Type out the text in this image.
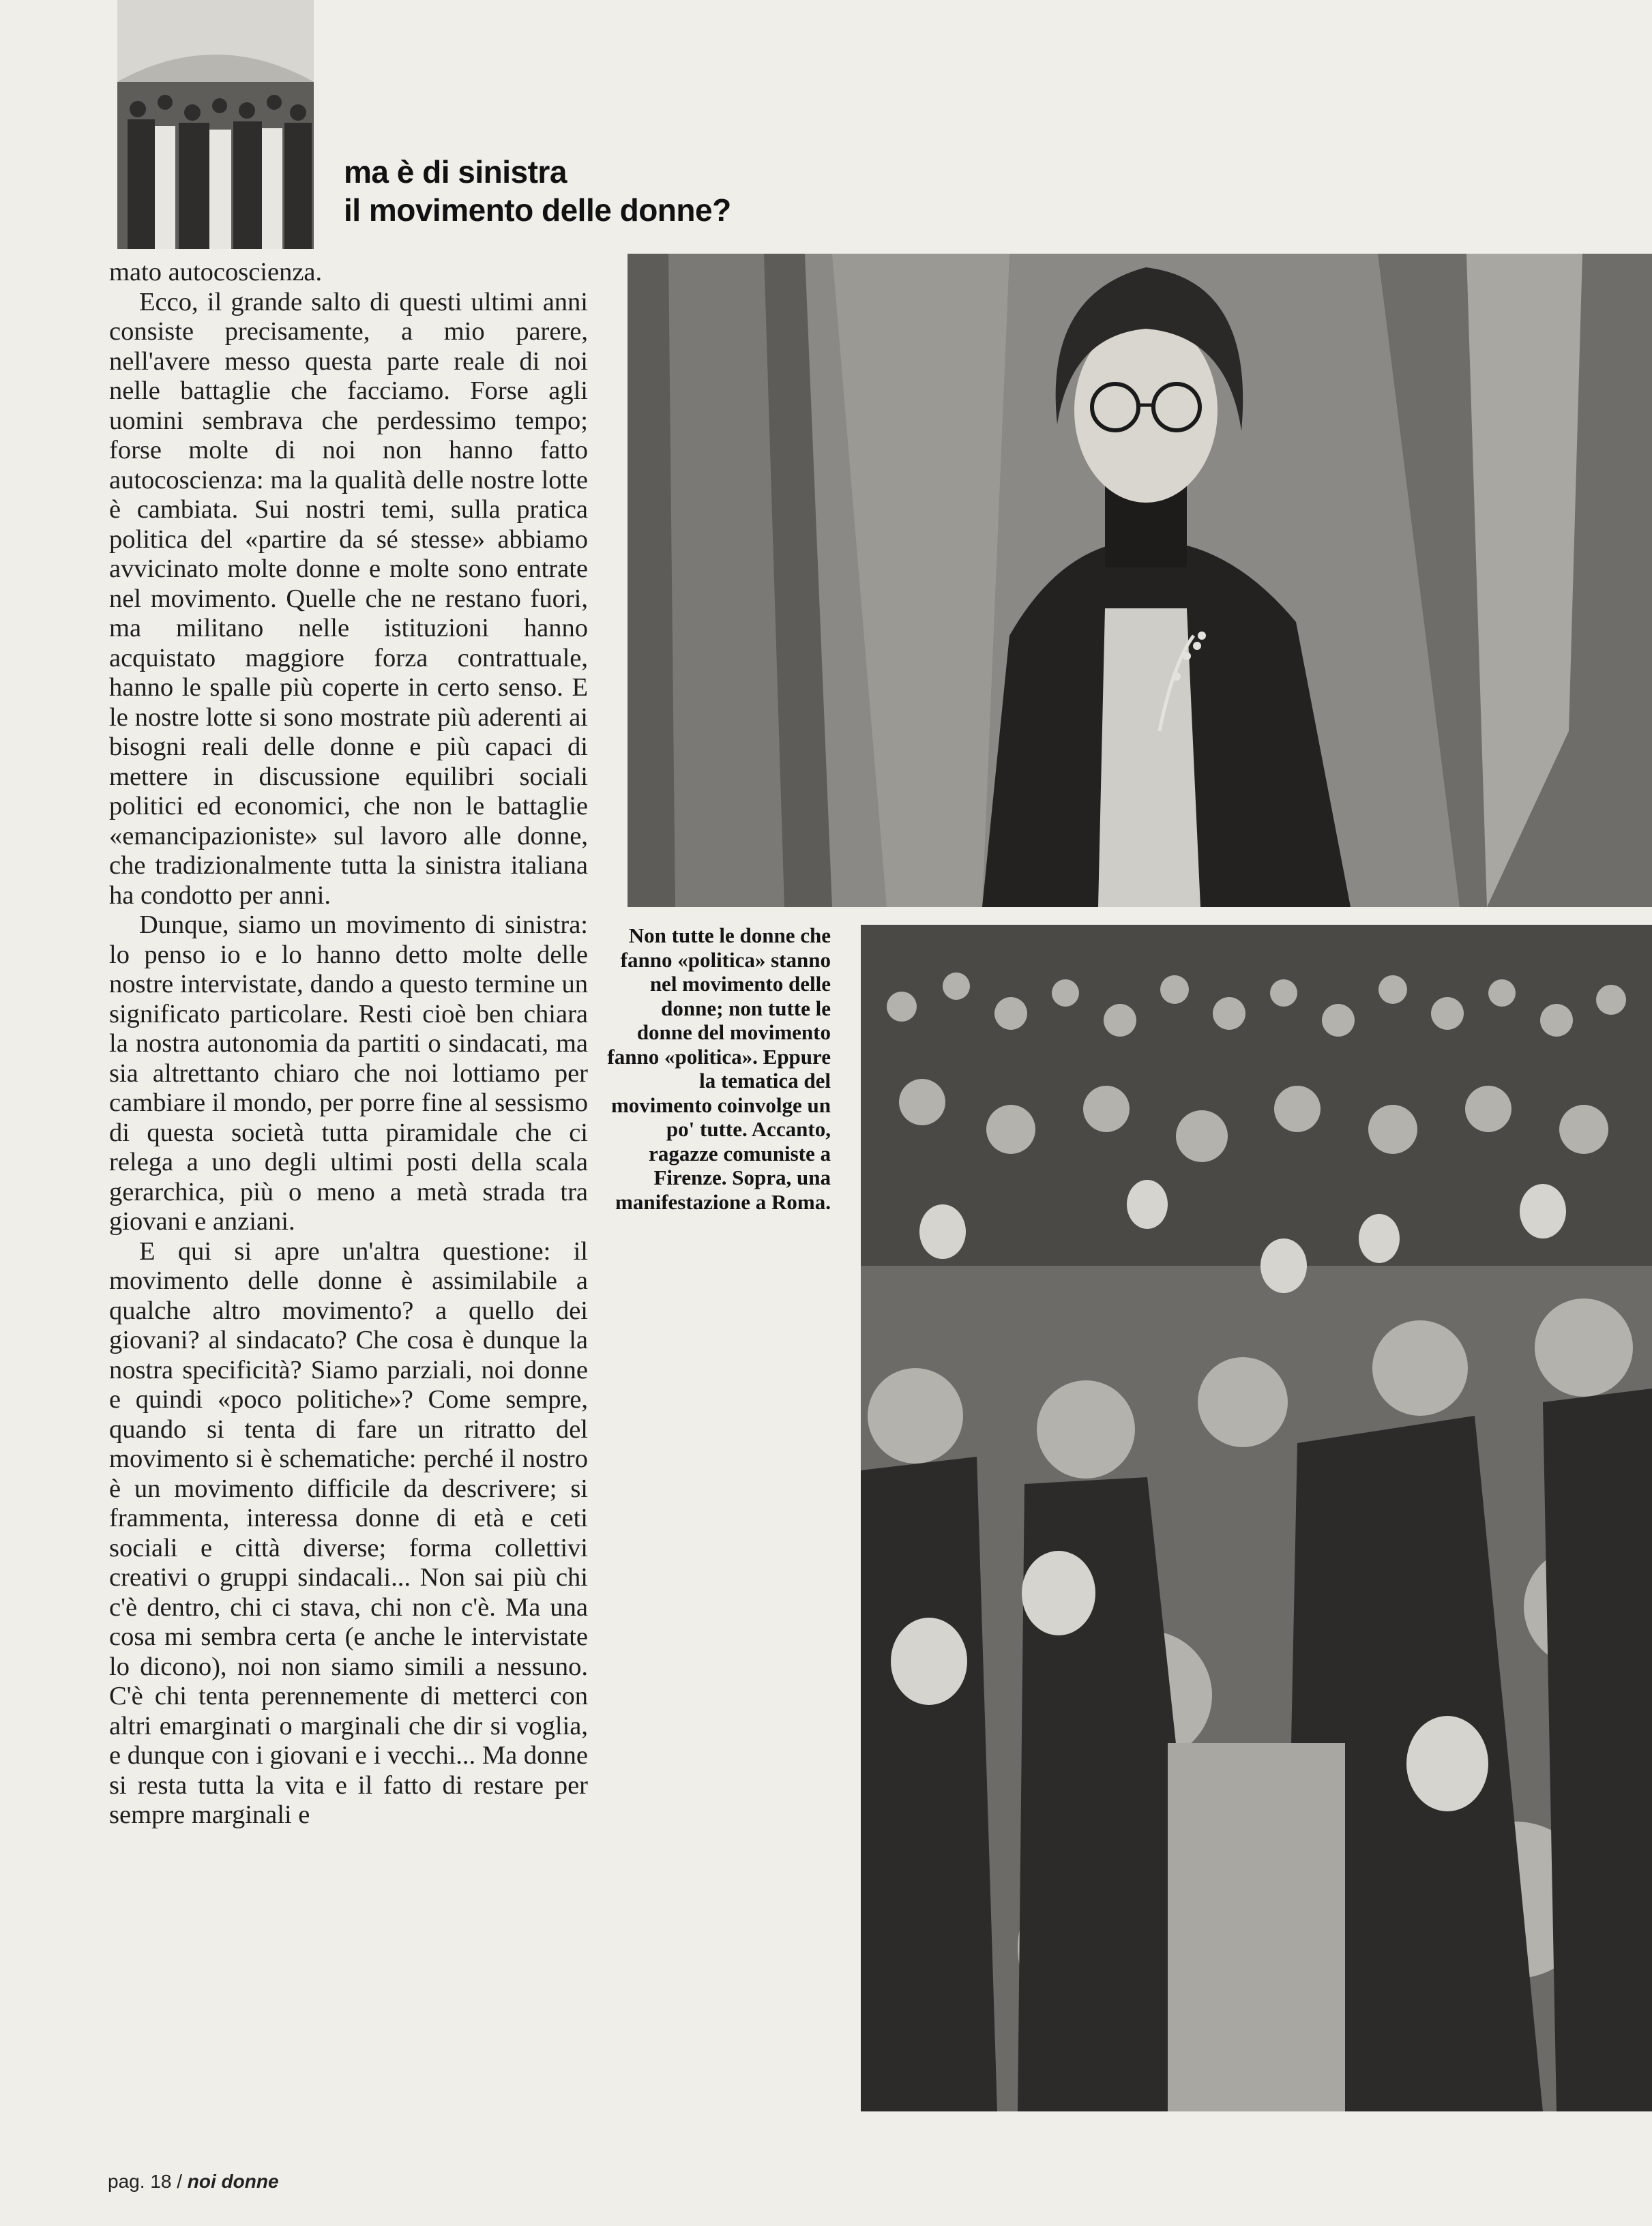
ma è di sinistra
il movimento delle donne?

mato autocoscienza.

Ecco, il grande salto di questi ultimi anni consiste precisamente, a mio parere, nell'avere messo questa parte reale di noi nelle battaglie che facciamo. Forse agli uomini sembrava che perdessimo tempo; forse molte di noi non hanno fatto autocoscienza: ma la qualità delle nostre lotte è cambiata. Sui nostri temi, sulla pratica politica del «partire da sé stesse» abbiamo avvicinato molte donne e molte sono entrate nel movimento. Quelle che ne restano fuori, ma militano nelle istituzioni hanno acquistato maggiore forza contrattuale, hanno le spalle più coperte in certo senso. E le nostre lotte si sono mostrate più aderenti ai bisogni reali delle donne e più capaci di mettere in discussione equilibri sociali politici ed economici, che non le battaglie «emancipazioniste» sul lavoro alle donne, che tradizionalmente tutta la sinistra italiana ha condotto per anni.

Dunque, siamo un movimento di sinistra: lo penso io e lo hanno detto molte delle nostre intervistate, dando a questo termine un significato particolare. Resti cioè ben chiara la nostra autonomia da partiti o sindacati, ma sia altrettanto chiaro che noi lottiamo per cambiare il mondo, per porre fine al sessismo di questa società tutta piramidale che ci relega a uno degli ultimi posti della scala gerarchica, più o meno a metà strada tra giovani e anziani.

E qui si apre un'altra questione: il movimento delle donne è assimilabile a qualche altro movimento? a quello dei giovani? al sindacato? Che cosa è dunque la nostra specificità? Siamo parziali, noi donne e quindi «poco politiche»? Come sempre, quando si tenta di fare un ritratto del movimento si è schematiche: perché il nostro è un movimento difficile da descrivere; si frammenta, interessa donne di età e ceti sociali e città diverse; forma collettivi creativi o gruppi sindacali... Non sai più chi c'è dentro, chi ci stava, chi non c'è. Ma una cosa mi sembra certa (e anche le intervistate lo dicono), noi non siamo simili a nessuno. C'è chi tenta perennemente di metterci con altri emarginati o marginali che dir si voglia, e dunque con i giovani e i vecchi... Ma donne si resta tutta la vita e il fatto di restare per sempre marginali e

Non tutte le donne che fanno «politica» stanno nel movimento delle donne; non tutte le donne del movimento fanno «politica». Eppure la tematica del movimento coinvolge un po' tutte. Accanto, ragazze comuniste a Firenze. Sopra, una manifestazione a Roma.
pag. 18 / noi donne
